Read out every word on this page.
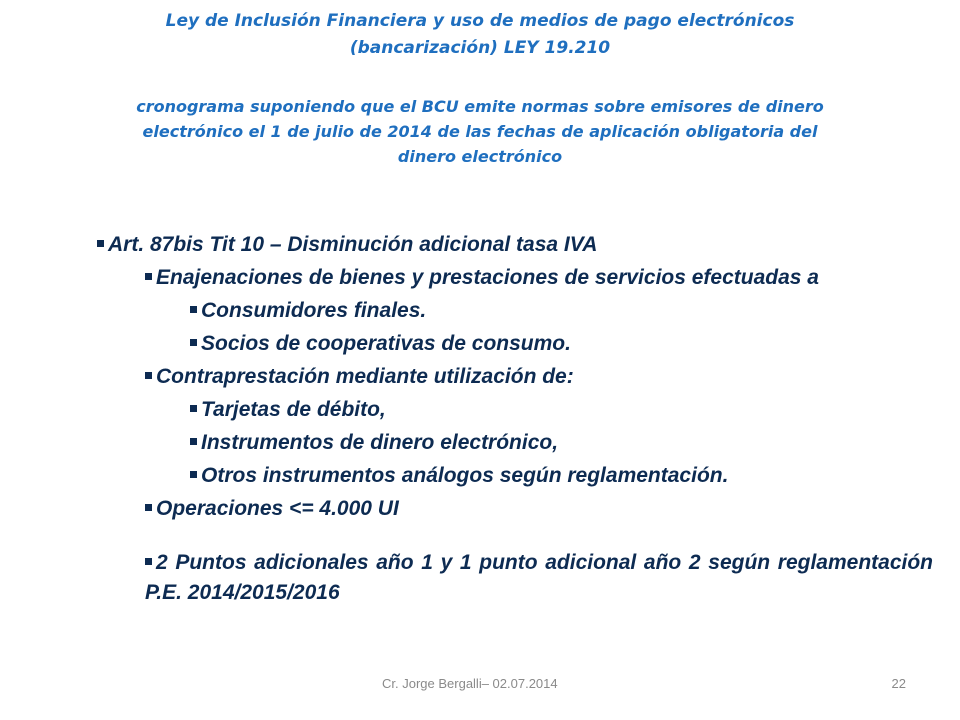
Ley de Inclusión Financiera y uso de medios de pago electrónicos
(bancarización) LEY 19.210
cronograma suponiendo que el BCU emite normas sobre emisores de dinero
electrónico el 1 de julio de 2014 de las fechas de aplicación obligatoria del
dinero electrónico
Art. 87bis Tit 10 – Disminución adicional tasa IVA
Enajenaciones de bienes y prestaciones de servicios efectuadas a
Consumidores finales.
Socios de cooperativas de consumo.
Contraprestación mediante utilización de:
Tarjetas de débito,
Instrumentos de dinero electrónico,
Otros instrumentos análogos según reglamentación.
Operaciones <= 4.000 UI
2 Puntos adicionales año 1 y 1 punto adicional año 2 según reglamentación P.E. 2014/2015/2016
Cr. Jorge Bergalli– 02.07.2014	22
